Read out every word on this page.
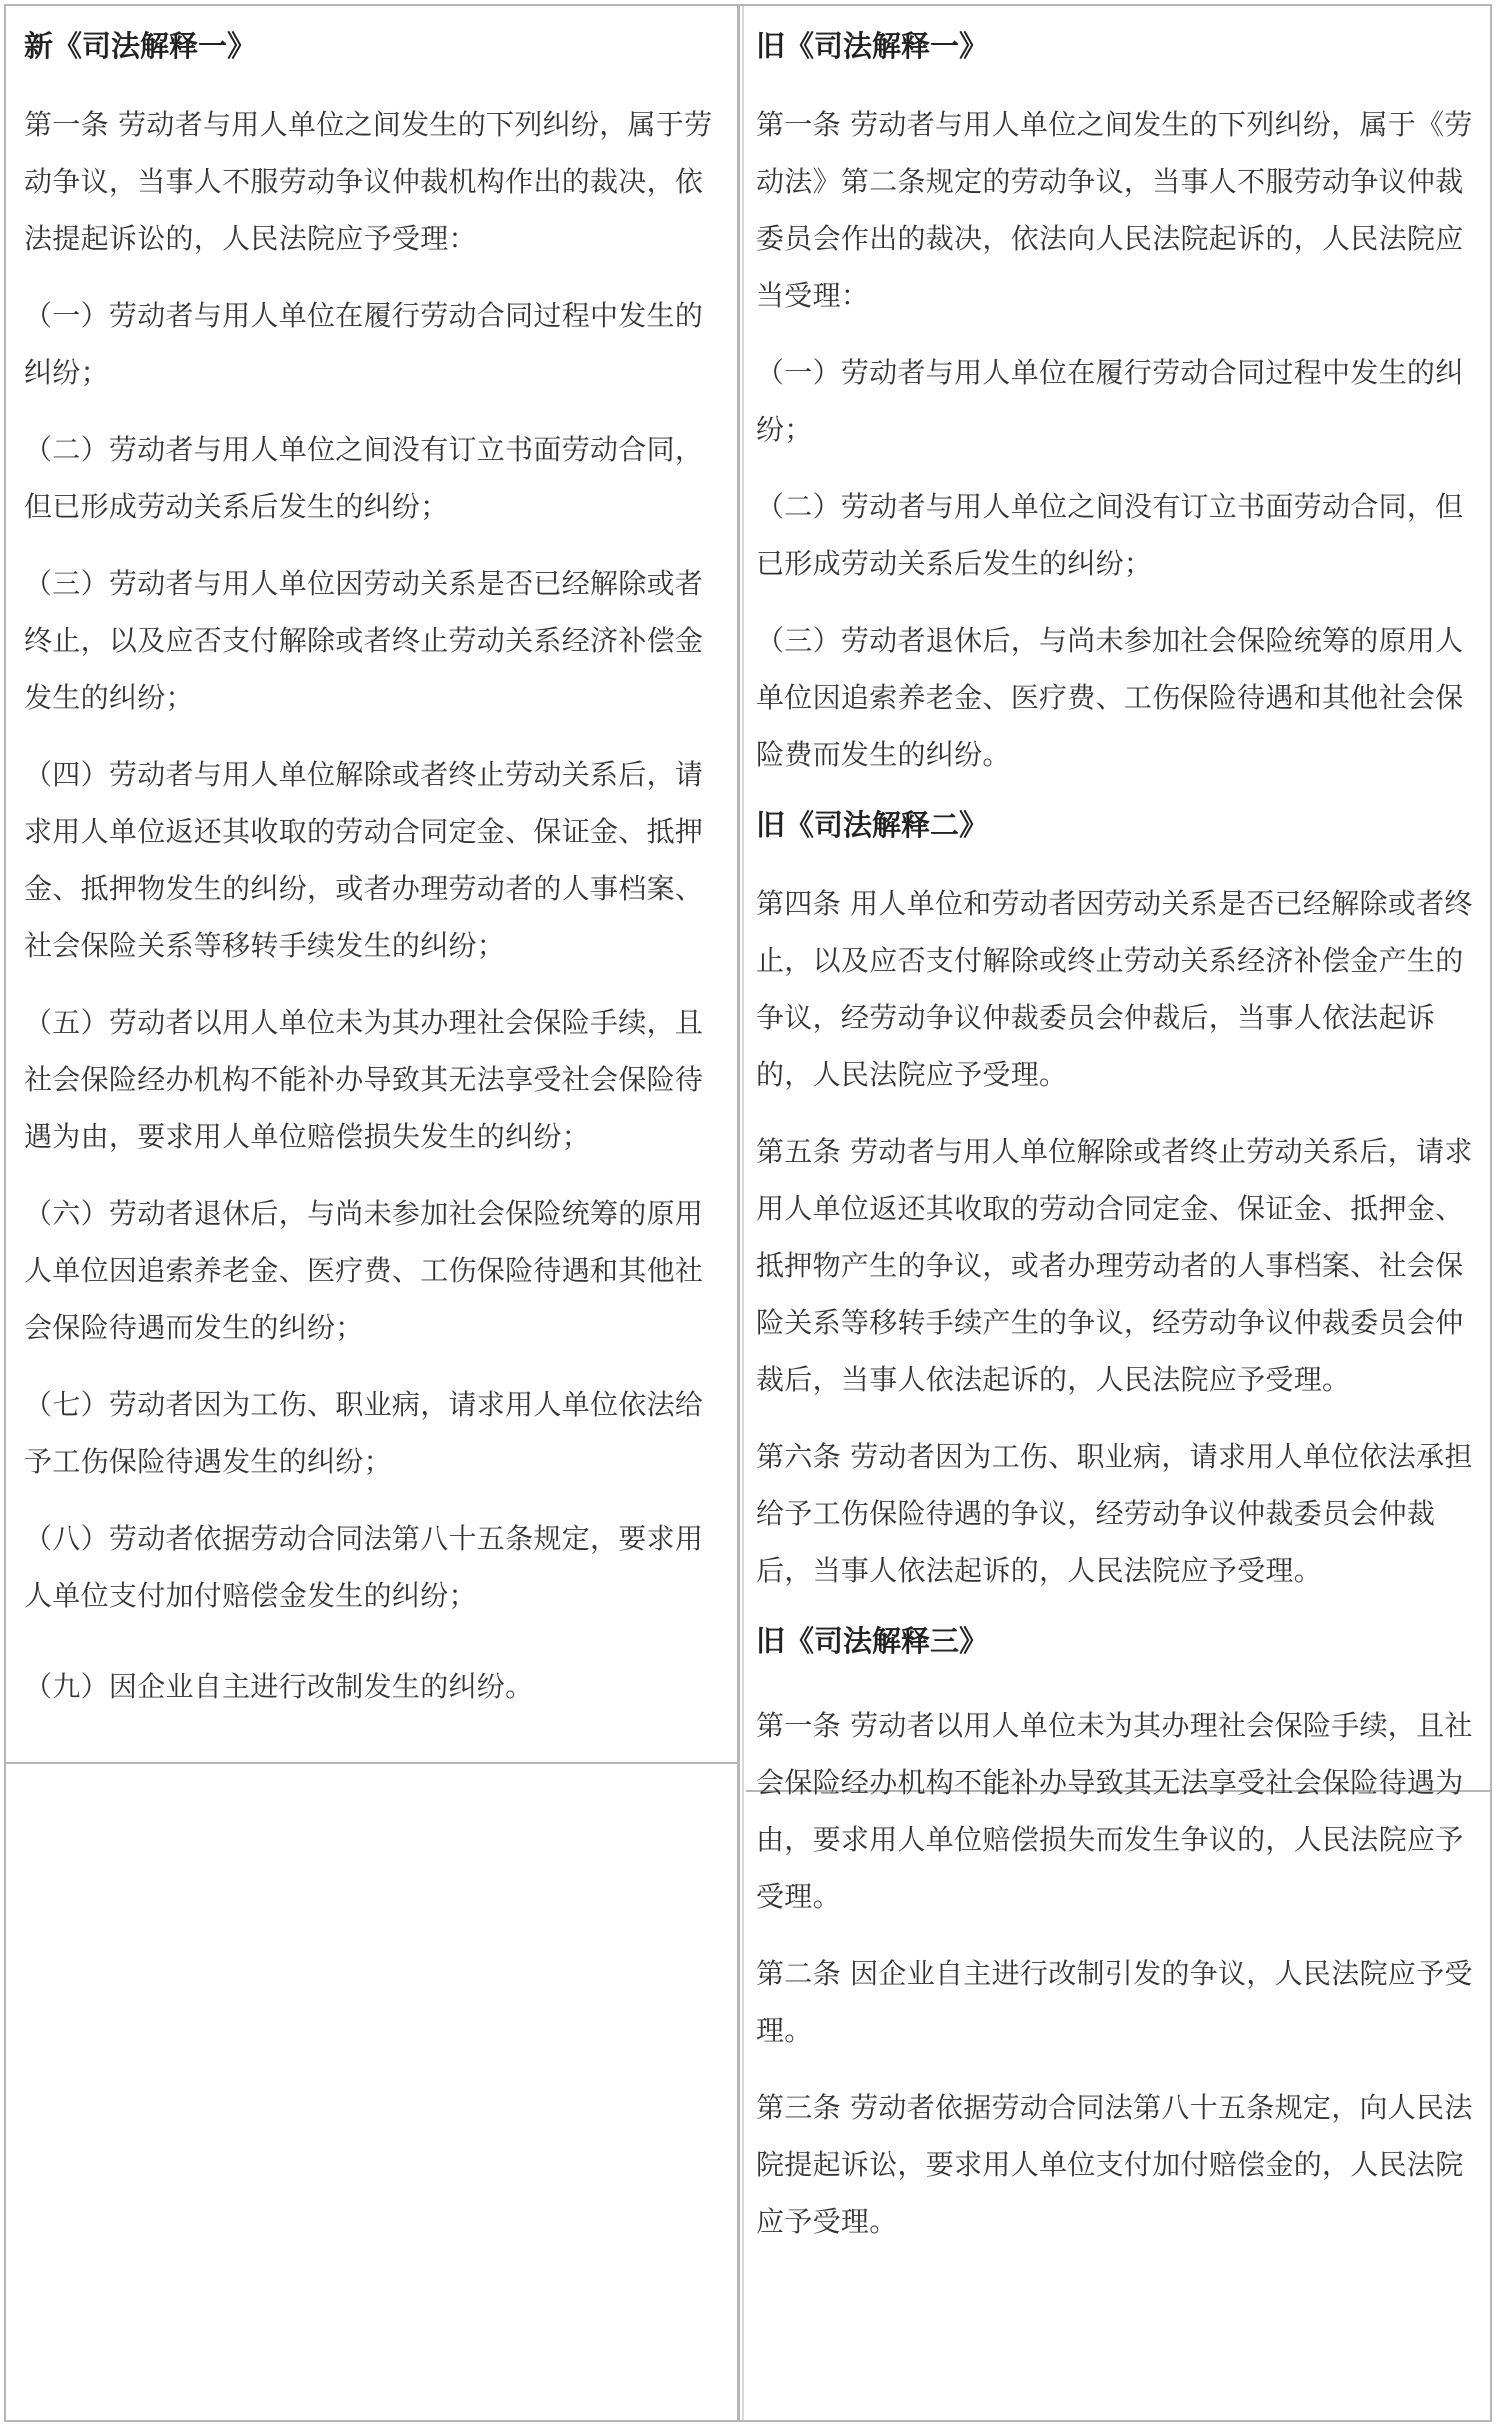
新《司法解释一》
第一条 劳动者与用人单位之间发生的下列纠纷，属于劳动争议，当事人不服劳动争议仲裁机构作出的裁决，依法提起诉讼的，人民法院应予受理：
（一）劳动者与用人单位在履行劳动合同过程中发生的纠纷；
（二）劳动者与用人单位之间没有订立书面劳动合同，但已形成劳动关系后发生的纠纷；
（三）劳动者与用人单位因劳动关系是否已经解除或者终止，以及应否支付解除或者终止劳动关系经济补偿金发生的纠纷；
（四）劳动者与用人单位解除或者终止劳动关系后，请求用人单位返还其收取的劳动合同定金、保证金、抵押金、抵押物发生的纠纷，或者办理劳动者的人事档案、社会保险关系等移转手续发生的纠纷；
（五）劳动者以用人单位未为其办理社会保险手续，且社会保险经办机构不能补办导致其无法享受社会保险待遇为由，要求用人单位赔偿损失发生的纠纷；
（六）劳动者退休后，与尚未参加社会保险统筹的原用人单位因追索养老金、医疗费、工伤保险待遇和其他社会保险待遇而发生的纠纷；
（七）劳动者因为工伤、职业病，请求用人单位依法给予工伤保险待遇发生的纠纷；
（八）劳动者依据劳动合同法第八十五条规定，要求用人单位支付加付赔偿金发生的纠纷；
（九）因企业自主进行改制发生的纠纷。
旧《司法解释一》
第一条 劳动者与用人单位之间发生的下列纠纷，属于《劳动法》第二条规定的劳动争议，当事人不服劳动争议仲裁委员会作出的裁决，依法向人民法院起诉的，人民法院应当受理：
（一）劳动者与用人单位在履行劳动合同过程中发生的纠纷；
（二）劳动者与用人单位之间没有订立书面劳动合同，但已形成劳动关系后发生的纠纷；
（三）劳动者退休后，与尚未参加社会保险统筹的原用人单位因追索养老金、医疗费、工伤保险待遇和其他社会保险费而发生的纠纷。
旧《司法解释二》
第四条 用人单位和劳动者因劳动关系是否已经解除或者终止，以及应否支付解除或终止劳动关系经济补偿金产生的争议，经劳动争议仲裁委员会仲裁后，当事人依法起诉的，人民法院应予受理。
第五条 劳动者与用人单位解除或者终止劳动关系后，请求用人单位返还其收取的劳动合同定金、保证金、抵押金、抵押物产生的争议，或者办理劳动者的人事档案、社会保险关系等移转手续产生的争议，经劳动争议仲裁委员会仲裁后，当事人依法起诉的，人民法院应予受理。
第六条 劳动者因为工伤、职业病，请求用人单位依法承担给予工伤保险待遇的争议，经劳动争议仲裁委员会仲裁后，当事人依法起诉的，人民法院应予受理。
旧《司法解释三》
第一条 劳动者以用人单位未为其办理社会保险手续，且社会保险经办机构不能补办导致其无法享受社会保险待遇为由，要求用人单位赔偿损失而发生争议的，人民法院应予受理。
第二条 因企业自主进行改制引发的争议，人民法院应予受理。
第三条 劳动者依据劳动合同法第八十五条规定，向人民法院提起诉讼，要求用人单位支付加付赔偿金的，人民法院应予受理。
